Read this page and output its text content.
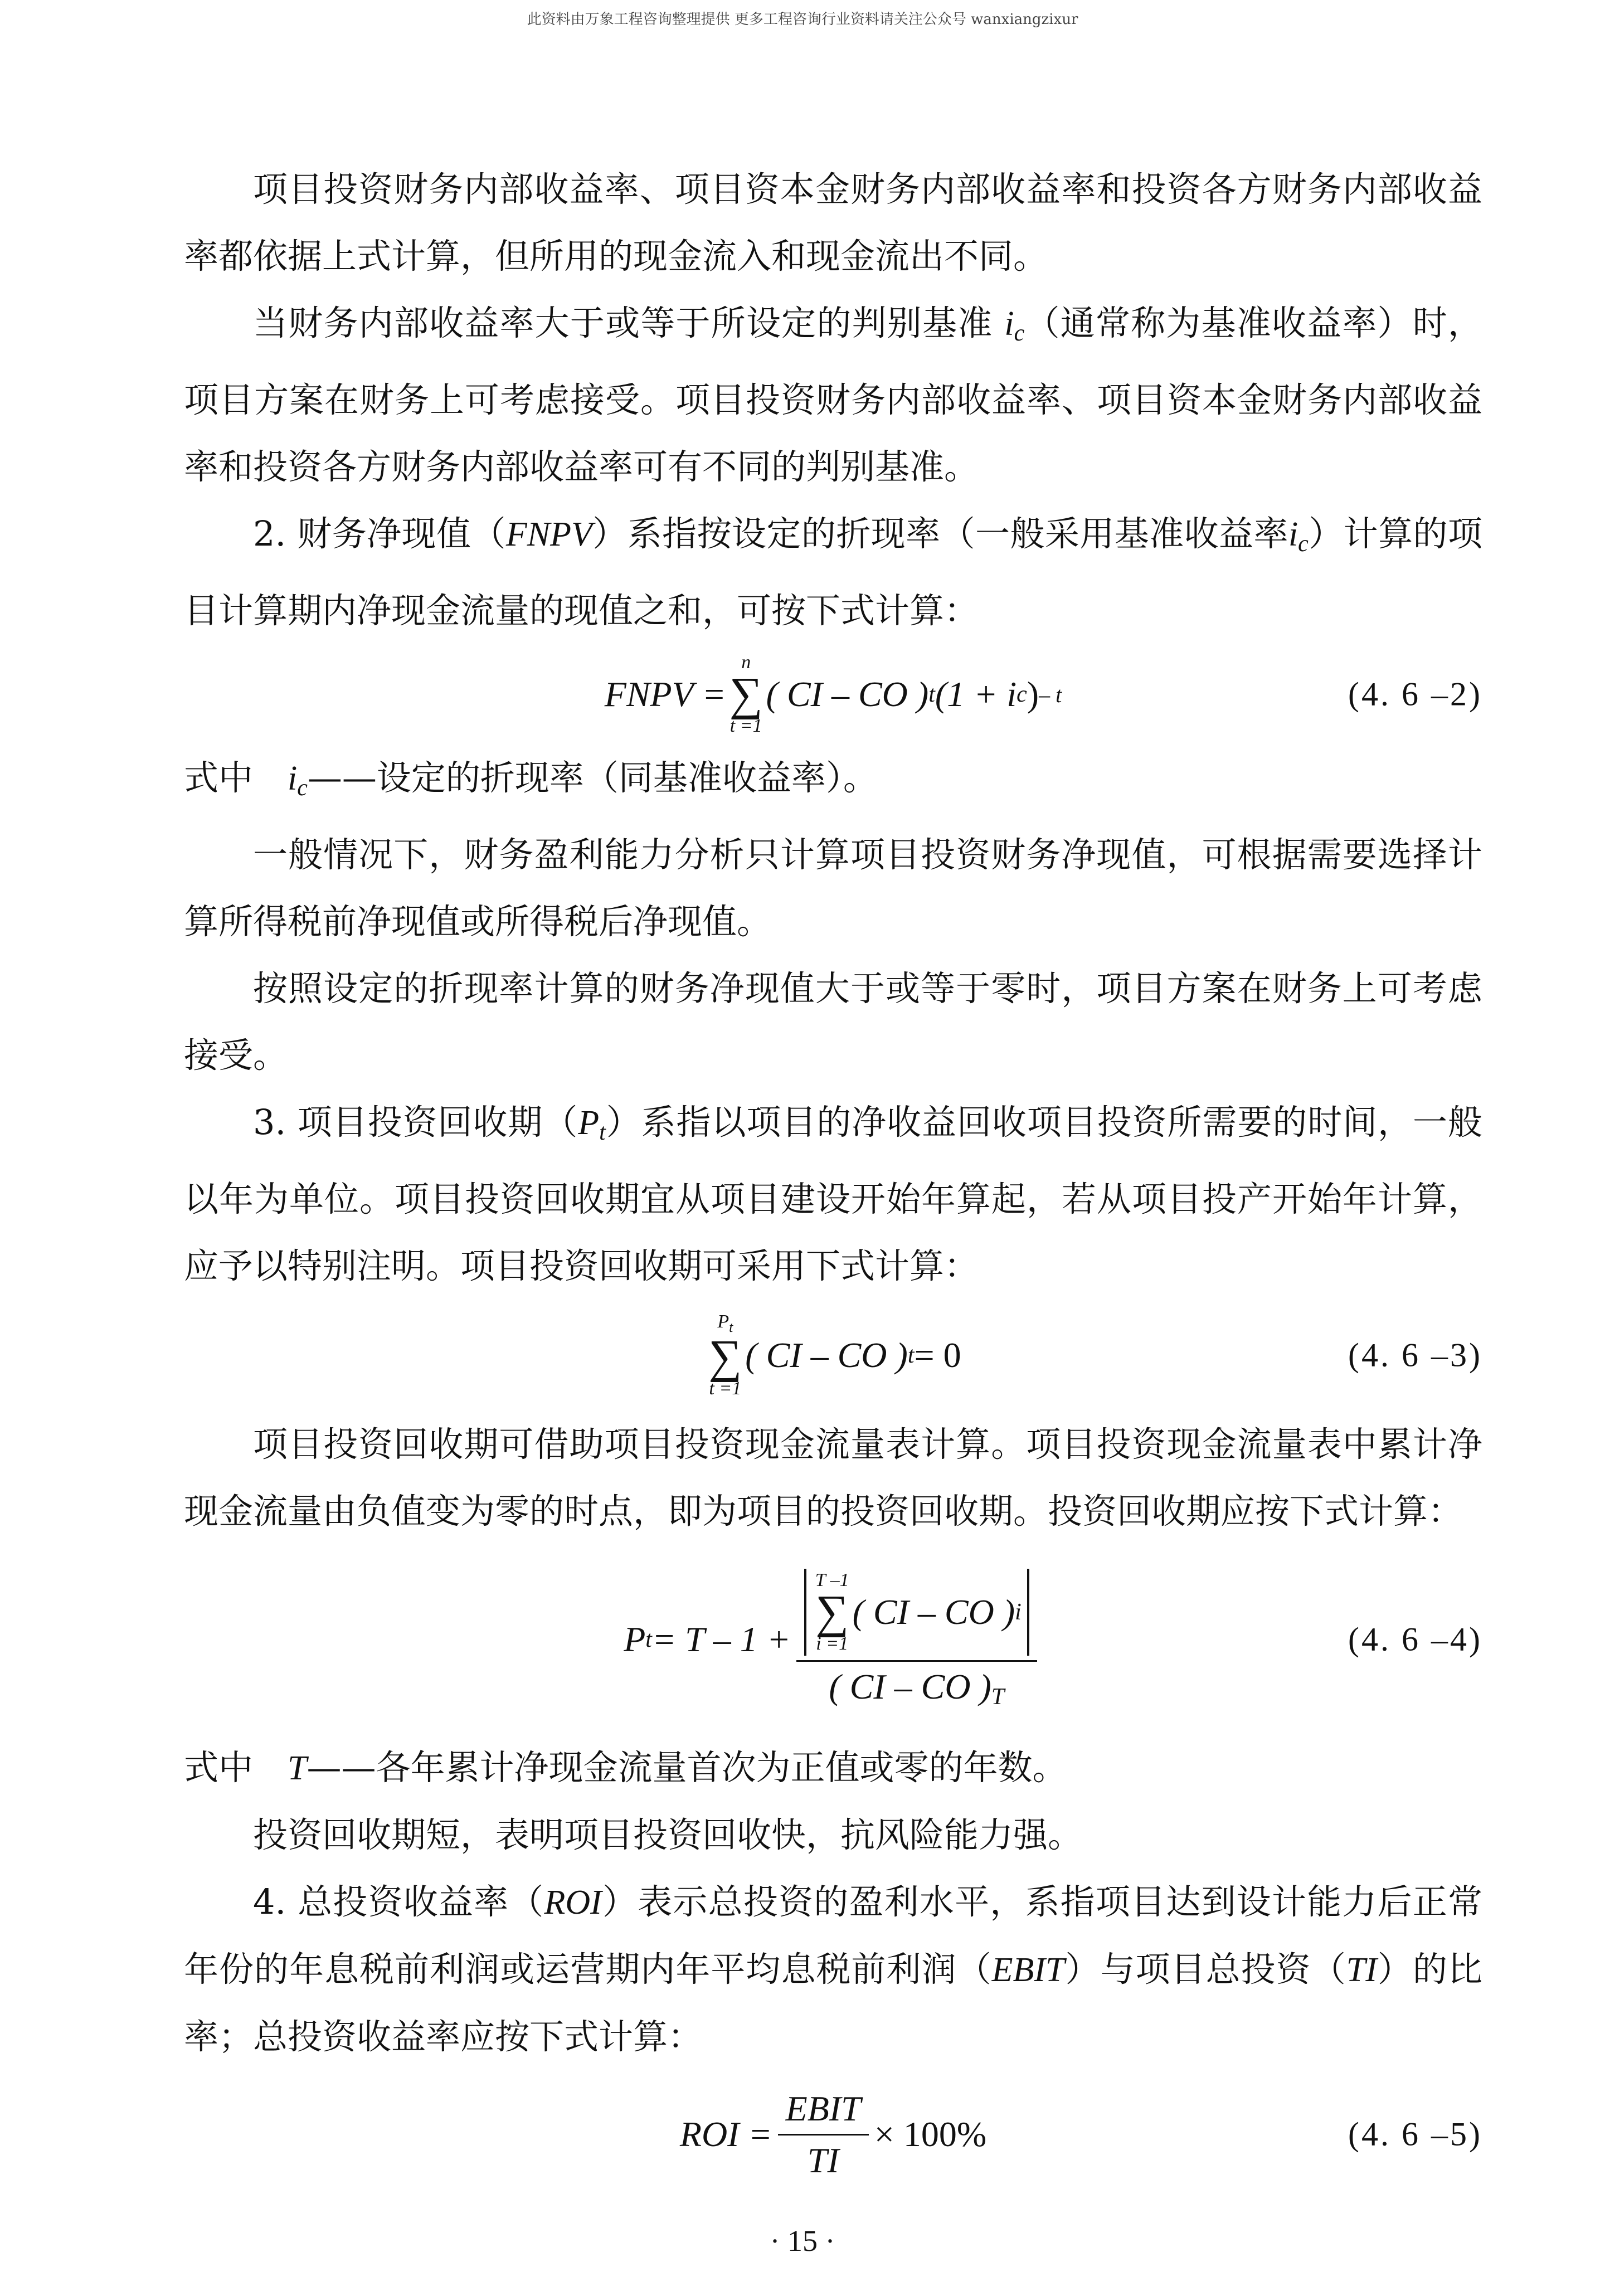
此资料由万象工程咨询整理提供 更多工程咨询行业资料请关注公众号 wanxiangzixur

项目投资财务内部收益率、项目资本金财务内部收益率和投资各方财务内部收益率都依据上式计算，但所用的现金流入和现金流出不同。

当财务内部收益率大于或等于所设定的判别基准 $i_c$（通常称为基准收益率）时，项目方案在财务上可考虑接受。项目投资财务内部收益率、项目资本金财务内部收益率和投资各方财务内部收益率可有不同的判别基准。

2. 财务净现值（FNPV）系指按设定的折现率（一般采用基准收益率$i_c$）计算的项目计算期内净现金流量的现值之和，可按下式计算：

FNPV =
n
∑
t =1
( CI – CO ) t (1 + i c ) – t	(4. 6 –2)

式中　 $i_c——$设定的折现率（同基准收益率）。

一般情况下，财务盈利能力分析只计算项目投资财务净现值，可根据需要选择计算所得税前净现值或所得税后净现值。

按照设定的折现率计算的财务净现值大于或等于零时，项目方案在财务上可考虑接受。

3. 项目投资回收期$(P_t)$系指以项目的净收益回收项目投资所需要的时间，一般以年为单位。项目投资回收期宜从项目建设开始年算起，若从项目投产开始年计算，应予以特别注明。项目投资回收期可采用下式计算：

$P_t$
∑
t =1
( CI – CO ) t = 0	(4. 6 –3)

项目投资回收期可借助项目投资现金流量表计算。项目投资现金流量表中累计净现金流量由负值变为零的时点，即为项目的投资回收期。投资回收期应按下式计算：

P t = T – 1 + T –1
∑
i =1
( CI – CO ) i
( CI – CO )$_T$	(4. 6 –4)

式中　 T——各年累计净现金流量首次为正值或零的年数。

投资回收期短，表明项目投资回收快，抗风险能力强。

4. 总投资收益率（ROI）表示总投资的盈利水平，系指项目达到设计能力后正常年份的年息税前利润或运营期内年平均息税前利润（EBIT）与项目总投资（TI）的比率；总投资收益率应按下式计算：

ROI = $\frac{\text{EBIT}}{TI} \times 100\%$	(4. 6 –5)
· 15 ·
